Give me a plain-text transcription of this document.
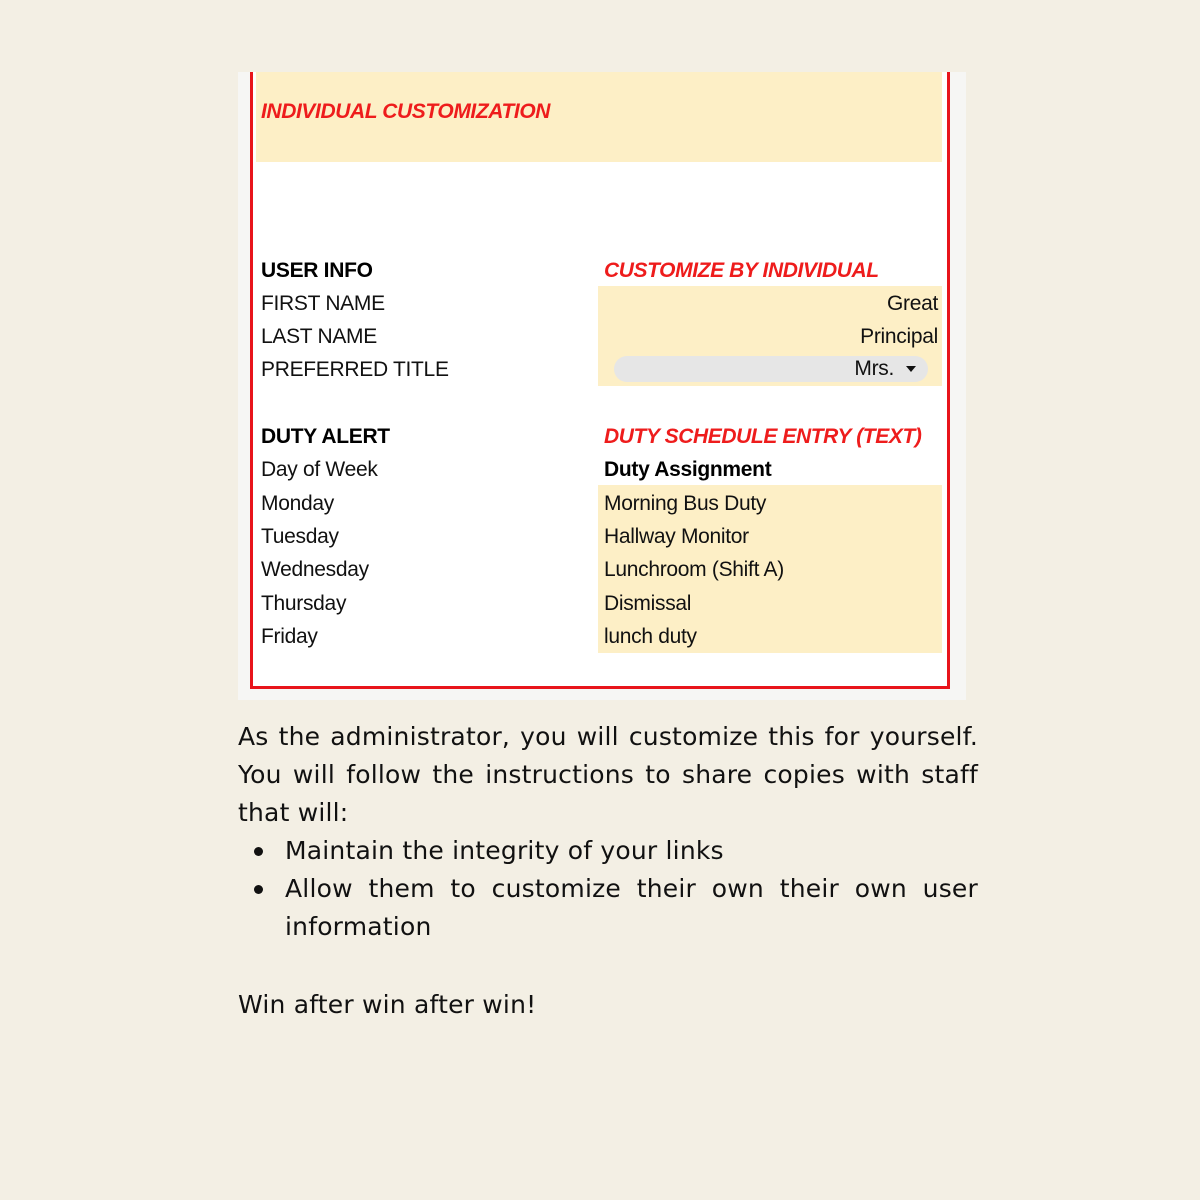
INDIVIDUAL CUSTOMIZATION
USER INFO	CUSTOMIZE BY INDIVIDUAL
FIRST NAME	Great
LAST NAME	Principal
PREFERRED TITLE	Mrs.
DUTY ALERT	DUTY SCHEDULE ENTRY (TEXT)
Day of Week	Duty Assignment
Monday	Morning Bus Duty
Tuesday	Hallway Monitor
Wednesday	Lunchroom (Shift A)
Thursday	Dismissal
Friday	lunch duty
As the administrator, you will customize this for yourself. You will follow the instructions to share copies with staff that will:
Maintain the integrity of your links
Allow them to customize their own their own user information
Win after win after win!
